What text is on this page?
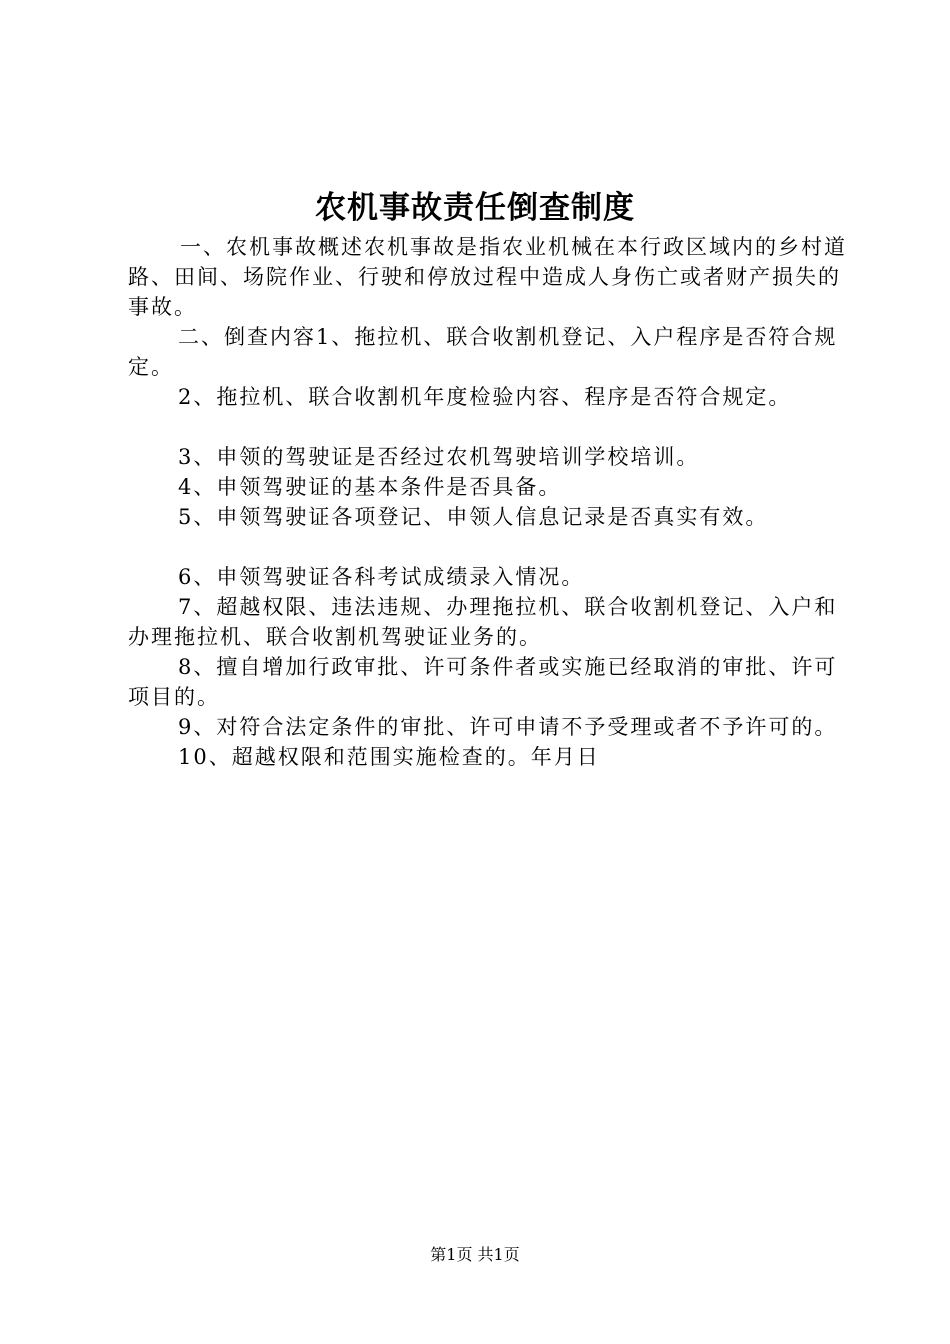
农机事故责任倒查制度

一、农机事故概述农机事故是指农业机械在本行政区域内的乡村道路、田间、场院作业、行驶和停放过程中造成人身伤亡或者财产损失的事故。

二、倒查内容1、拖拉机、联合收割机登记、入户程序是否符合规定。

2、拖拉机、联合收割机年度检验内容、程序是否符合规定。

3、申领的驾驶证是否经过农机驾驶培训学校培训。

4、申领驾驶证的基本条件是否具备。

5、申领驾驶证各项登记、申领人信息记录是否真实有效。

6、申领驾驶证各科考试成绩录入情况。

7、超越权限、违法违规、办理拖拉机、联合收割机登记、入户和办理拖拉机、联合收割机驾驶证业务的。

8、擅自增加行政审批、许可条件者或实施已经取消的审批、许可项目的。

9、对符合法定条件的审批、许可申请不予受理或者不予许可的。

10、超越权限和范围实施检查的。年月日

第1页 共1页
